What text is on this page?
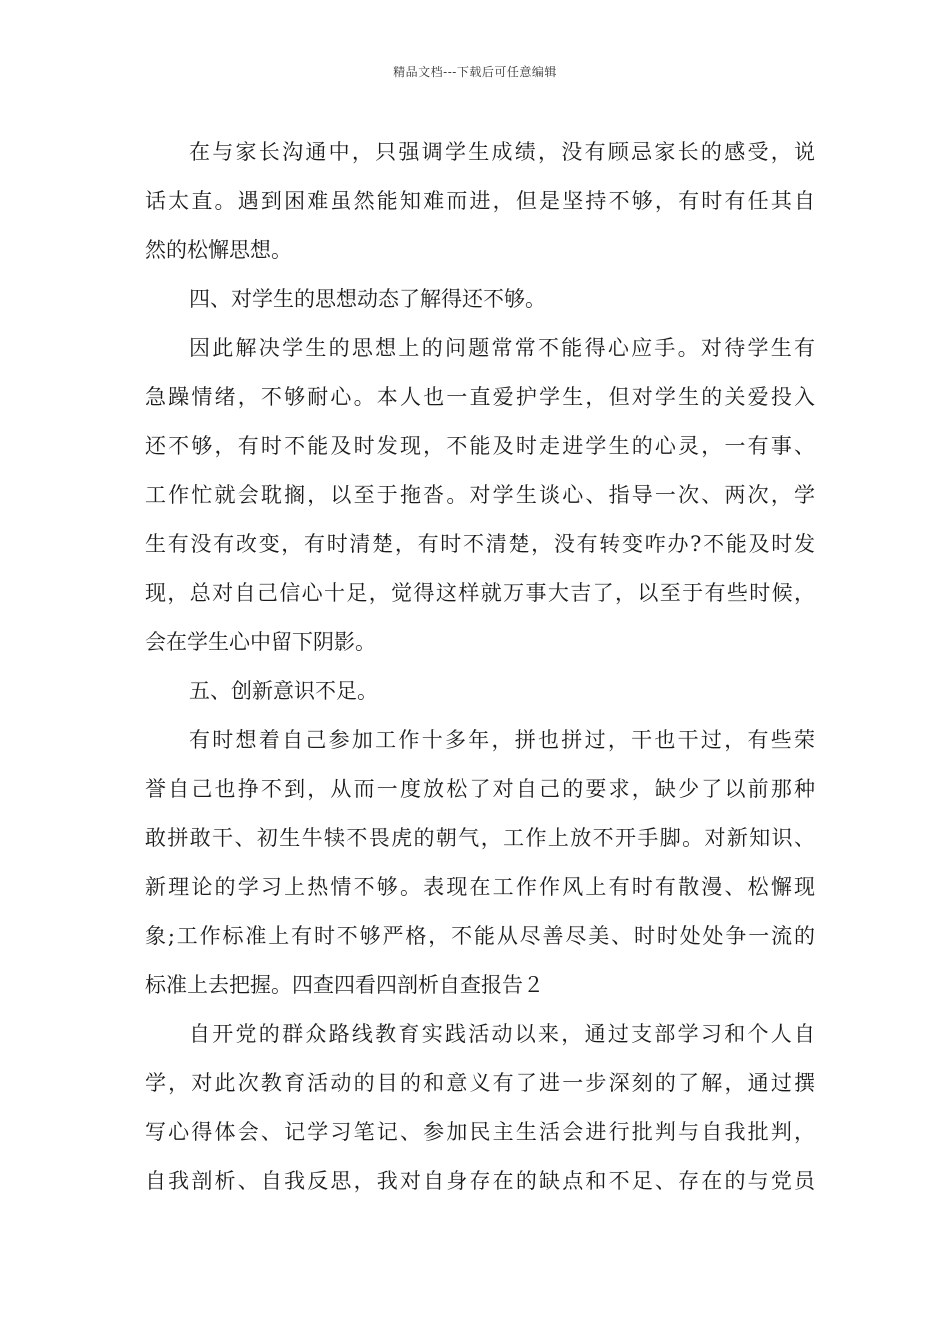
精品文档---下载后可任意编辑
在与家长沟通中，只强调学生成绩，没有顾忌家长的感受，说
话太直。遇到困难虽然能知难而进，但是坚持不够，有时有任其自
然的松懈思想。
四、对学生的思想动态了解得还不够。
因此解决学生的思想上的问题常常不能得心应手。对待学生有
急躁情绪，不够耐心。本人也一直爱护学生，但对学生的关爱投入
还不够，有时不能及时发现，不能及时走进学生的心灵，一有事、
工作忙就会耽搁，以至于拖沓。对学生谈心、指导一次、两次，学
生有没有改变，有时清楚，有时不清楚，没有转变咋办?不能及时发
现，总对自己信心十足，觉得这样就万事大吉了，以至于有些时候，
会在学生心中留下阴影。
五、创新意识不足。
有时想着自己参加工作十多年，拼也拼过，干也干过，有些荣
誉自己也挣不到，从而一度放松了对自己的要求，缺少了以前那种
敢拼敢干、初生牛犊不畏虎的朝气，工作上放不开手脚。对新知识、
新理论的学习上热情不够。表现在工作作风上有时有散漫、松懈现
象;工作标准上有时不够严格，不能从尽善尽美、时时处处争一流的
标准上去把握。四查四看四剖析自查报告２
自开党的群众路线教育实践活动以来，通过支部学习和个人自
学，对此次教育活动的目的和意义有了进一步深刻的了解，通过撰
写心得体会、记学习笔记、参加民主生活会进行批判与自我批判，
自我剖析、自我反思，我对自身存在的缺点和不足、存在的与党员
